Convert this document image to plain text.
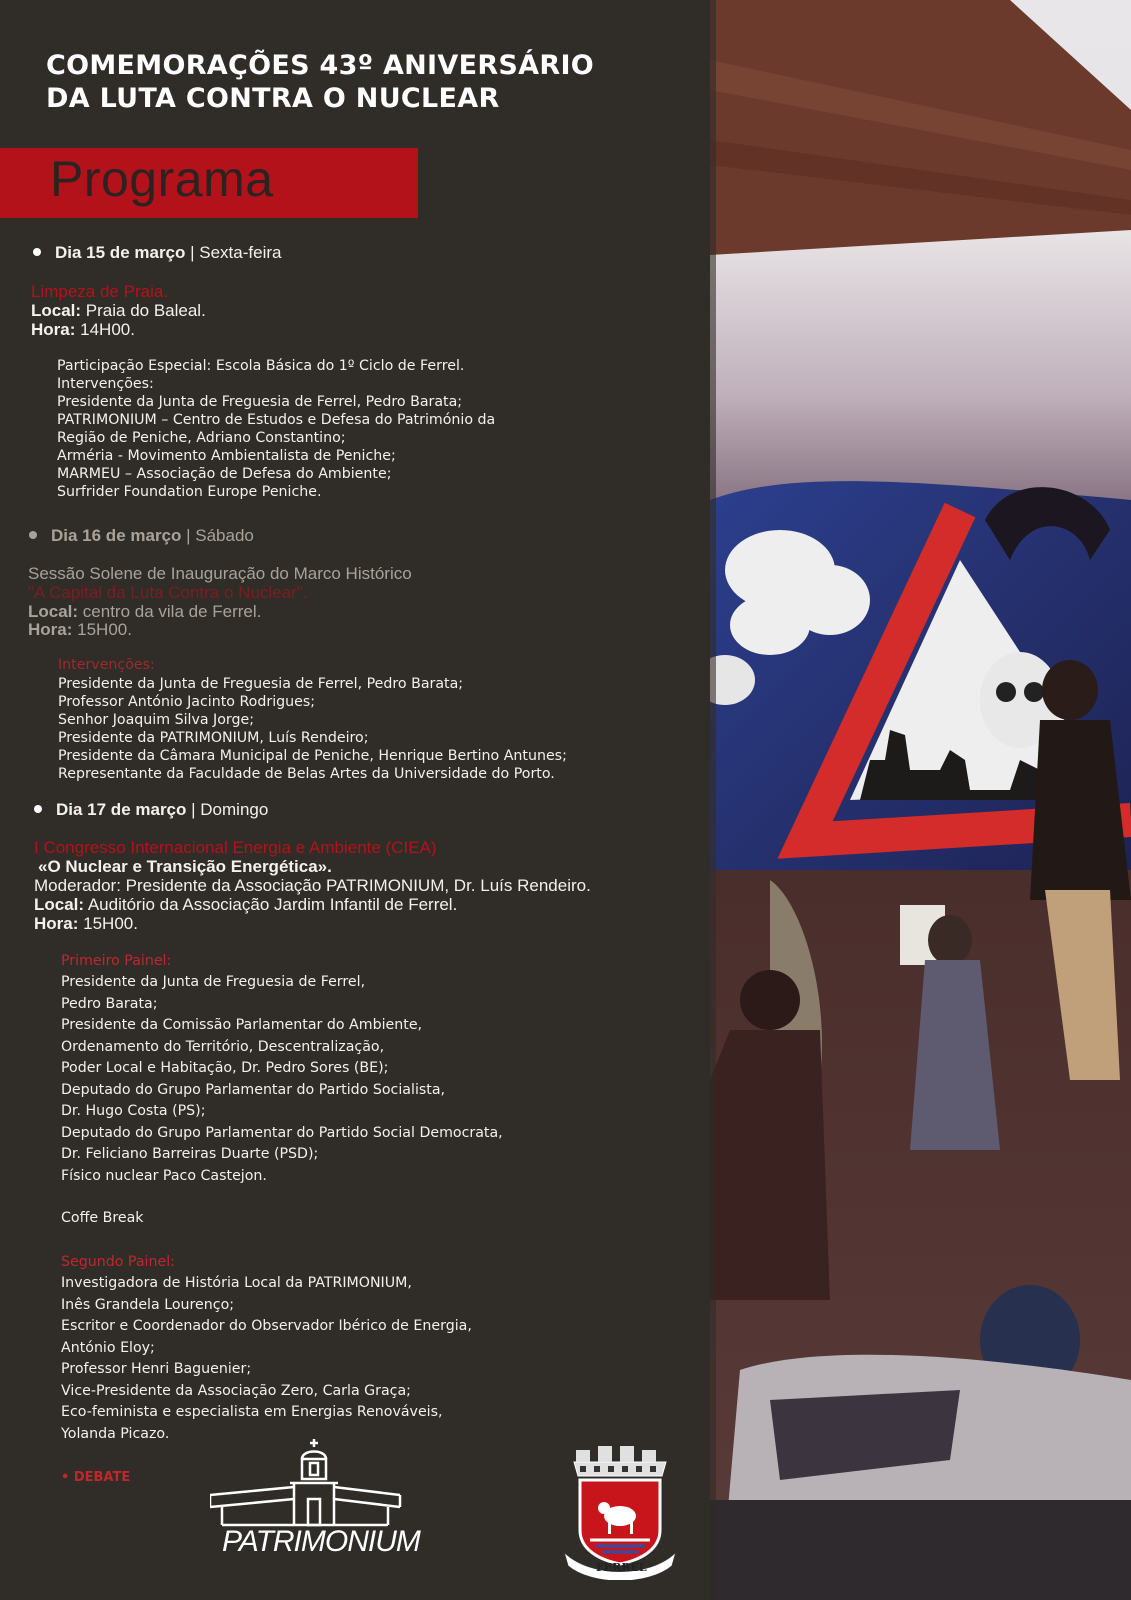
COMEMORAÇÕES 43º ANIVERSÁRIO
DA LUTA CONTRA O NUCLEAR
Programa
Dia 15 de março | Sexta-feira
Limpeza de Praia.
Local: Praia do Baleal.
Hora: 14H00.
Participação Especial: Escola Básica do 1º Ciclo de Ferrel.
Intervenções:
Presidente da Junta de Freguesia de Ferrel, Pedro Barata;
PATRIMONIUM – Centro de Estudos e Defesa do Património da
Região de Peniche, Adriano Constantino;
Arméria - Movimento Ambientalista de Peniche;
MARMEU – Associação de Defesa do Ambiente;
Surfrider Foundation Europe Peniche.
Dia 16 de março | Sábado
Sessão Solene de Inauguração do Marco Histórico
"A Capital da Luta Contra o Nuclear".
Local: centro da vila de Ferrel.
Hora: 15H00.
Intervenções:
Presidente da Junta de Freguesia de Ferrel, Pedro Barata;
Professor António Jacinto Rodrigues;
Senhor Joaquim Silva Jorge;
Presidente da PATRIMONIUM, Luís Rendeiro;
Presidente da Câmara Municipal de Peniche, Henrique Bertino Antunes;
Representante da Faculdade de Belas Artes da Universidade do Porto.
Dia 17 de março | Domingo
I Congresso Internacional Energia e Ambiente (CIEA)
«O Nuclear e Transição Energética».
Moderador: Presidente da Associação PATRIMONIUM, Dr. Luís Rendeiro.
Local: Auditório da Associação Jardim Infantil de Ferrel.
Hora: 15H00.
Primeiro Painel:
Presidente da Junta de Freguesia de Ferrel,
Pedro Barata;
Presidente da Comissão Parlamentar do Ambiente,
Ordenamento do Território, Descentralização,
Poder Local e Habitação, Dr. Pedro Sores (BE);
Deputado do Grupo Parlamentar do Partido Socialista,
Dr. Hugo Costa (PS);
Deputado do Grupo Parlamentar do Partido Social Democrata,
Dr. Feliciano Barreiras Duarte (PSD);
Físico nuclear Paco Castejon.
Coffe Break
Segundo Painel:
Investigadora de História Local da PATRIMONIUM,
Inês Grandela Lourenço;
Escritor e Coordenador do Observador Ibérico de Energia,
António Eloy;
Professor Henri Baguenier;
Vice-Presidente da Associação Zero, Carla Graça;
Eco-feminista e especialista em Energias Renováveis,
Yolanda Picazo.
• DEBATE
PATRIMONIUM
FERREL
